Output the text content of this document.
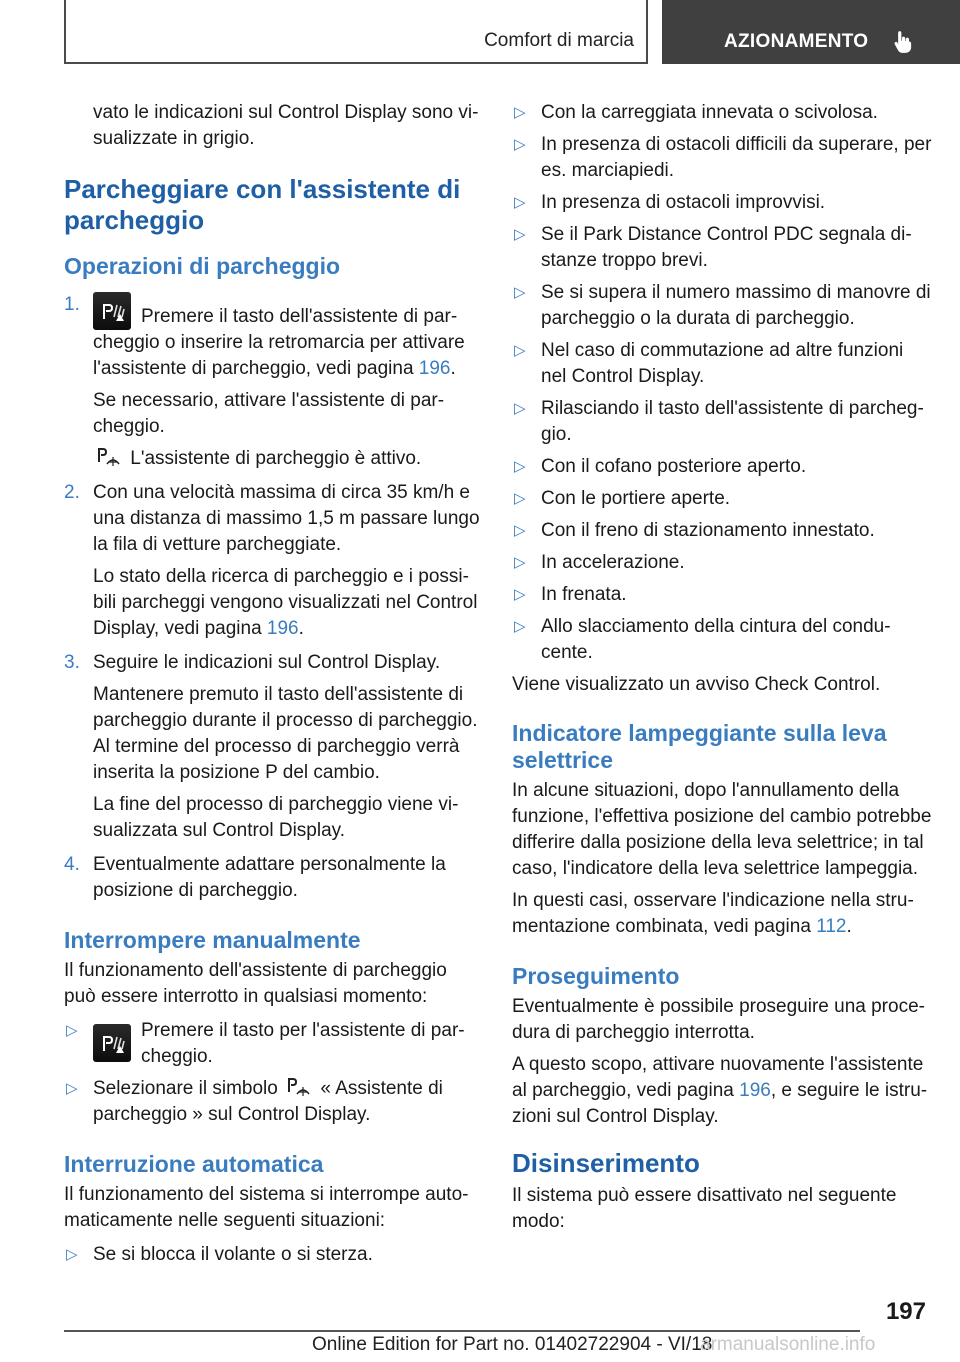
Comfort di marcia	AZIONAMENTO

vato le indicazioni sul Control Display sono visualizzate in grigio.

Parcheggiare con l'assistente di parcheggio
Operazioni di parcheggio
1.

Premere il tasto dell'assistente di parcheggio o inserire la retromarcia per attivare l'assistente di parcheggio, vedi pagina 196.

Se necessario, attivare l'assistente di parcheggio.

L'assistente di parcheggio è attivo.

2. Con una velocità massima di circa 35 km/h e una distanza di massimo 1,5 m passare lungo la fila di vetture parcheggiate.

Lo stato della ricerca di parcheggio e i possibili parcheggi vengono visualizzati nel Control Display, vedi pagina 196.

3. Seguire le indicazioni sul Control Display.

Mantenere premuto il tasto dell'assistente di parcheggio durante il processo di parcheggio. Al termine del processo di parcheggio verrà inserita la posizione P del cambio.

La fine del processo di parcheggio viene visualizzata sul Control Display.

4. Eventualmente adattare personalmente la posizione di parcheggio.

Interrompere manualmente

Il funzionamento dell'assistente di parcheggio può essere interrotto in qualsiasi momento:

▷	Premere il tasto per l'assistente di parcheggio.

▷ Selezionare il simbolo « Assistente di parcheggio » sul Control Display.

Interruzione automatica

Il funzionamento del sistema si interrompe automaticamente nelle seguenti situazioni:

▷ Se si blocca il volante o si sterza.

▷ Con la carreggiata innevata o scivolosa.

▷ In presenza di ostacoli difficili da superare, per es. marciapiedi.

▷ In presenza di ostacoli improvvisi.

▷ Se il Park Distance Control PDC segnala distanze troppo brevi.

▷ Se si supera il numero massimo di manovre di parcheggio o la durata di parcheggio.

▷ Nel caso di commutazione ad altre funzioni nel Control Display.

▷ Rilasciando il tasto dell'assistente di parcheggio.

▷ Con il cofano posteriore aperto.

▷ Con le portiere aperte.

▷ Con il freno di stazionamento innestato.

▷ In accelerazione.

▷ In frenata.

▷ Allo slacciamento della cintura del conducente.

Viene visualizzato un avviso Check Control.

Indicatore lampeggiante sulla leva selettrice

In alcune situazioni, dopo l'annullamento della funzione, l'effettiva posizione del cambio potrebbe differire dalla posizione della leva selettrice; in tal caso, l'indicatore della leva selettrice lampeggia.

In questi casi, osservare l'indicazione nella strumentazione combinata, vedi pagina 112.

Proseguimento

Eventualmente è possibile proseguire una procedura di parcheggio interrotta.

A questo scopo, attivare nuovamente l'assistente al parcheggio, vedi pagina 196, e seguire le istruzioni sul Control Display.

Disinserimento

Il sistema può essere disattivato nel seguente modo:

197
Online Edition for Part no. 01402722904 - VI/18
armanualsonline.info
